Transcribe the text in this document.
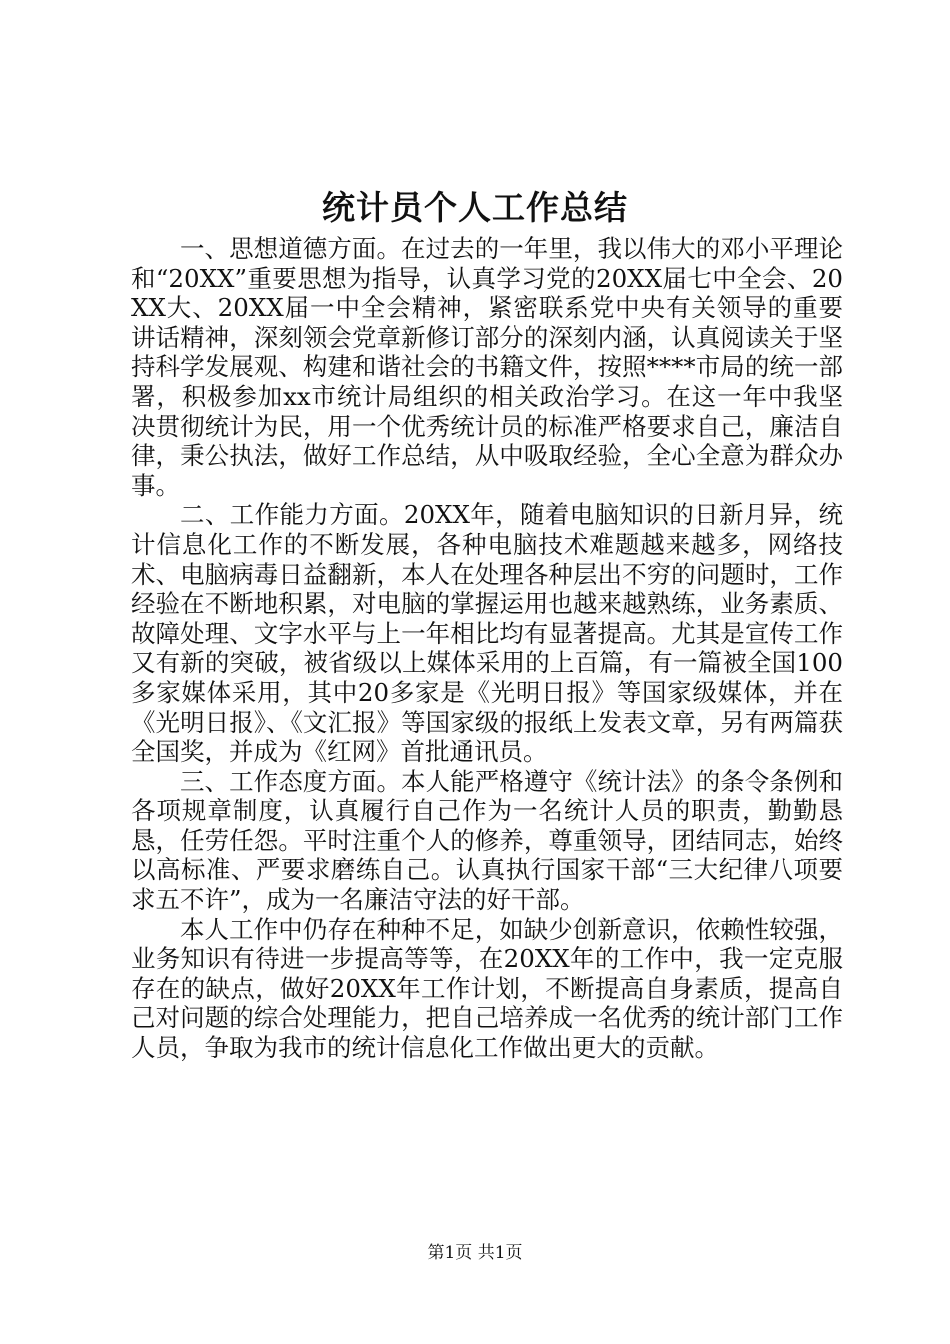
统计员个人工作总结

一、思想道德方面。在过去的一年里，我以伟大的邓小平理论和“20XX”重要思想为指导，认真学习党的20XX届七中全会、20XX大、20XX届一中全会精神，紧密联系党中央有关领导的重要讲话精神，深刻领会党章新修订部分的深刻内涵，认真阅读关于坚持科学发展观、构建和谐社会的书籍文件，按照****市局的统一部署，积极参加xx市统计局组织的相关政治学习。在这一年中我坚决贯彻统计为民，用一个优秀统计员的标准严格要求自己，廉洁自律，秉公执法，做好工作总结，从中吸取经验，全心全意为群众办事。

二、工作能力方面。20XX年，随着电脑知识的日新月异，统计信息化工作的不断发展，各种电脑技术难题越来越多，网络技术、电脑病毒日益翻新，本人在处理各种层出不穷的问题时，工作经验在不断地积累，对电脑的掌握运用也越来越熟练，业务素质、故障处理、文字水平与上一年相比均有显著提高。尤其是宣传工作又有新的突破，被省级以上媒体采用的上百篇，有一篇被全国100多家媒体采用，其中20多家是《光明日报》等国家级媒体，并在《光明日报》、《文汇报》等国家级的报纸上发表文章，另有两篇获全国奖，并成为《红网》首批通讯员。

三、工作态度方面。本人能严格遵守《统计法》的条令条例和各项规章制度，认真履行自己作为一名统计人员的职责，勤勤恳恳，任劳任怨。平时注重个人的修养，尊重领导，团结同志，始终以高标准、严要求磨练自己。认真执行国家干部“三大纪律八项要求五不许”，成为一名廉洁守法的好干部。

本人工作中仍存在种种不足，如缺少创新意识，依赖性较强，业务知识有待进一步提高等等，在20XX年的工作中，我一定克服存在的缺点，做好20XX年工作计划，不断提高自身素质，提高自己对问题的综合处理能力，把自己培养成一名优秀的统计部门工作人员，争取为我市的统计信息化工作做出更大的贡献。

第1页 共1页
